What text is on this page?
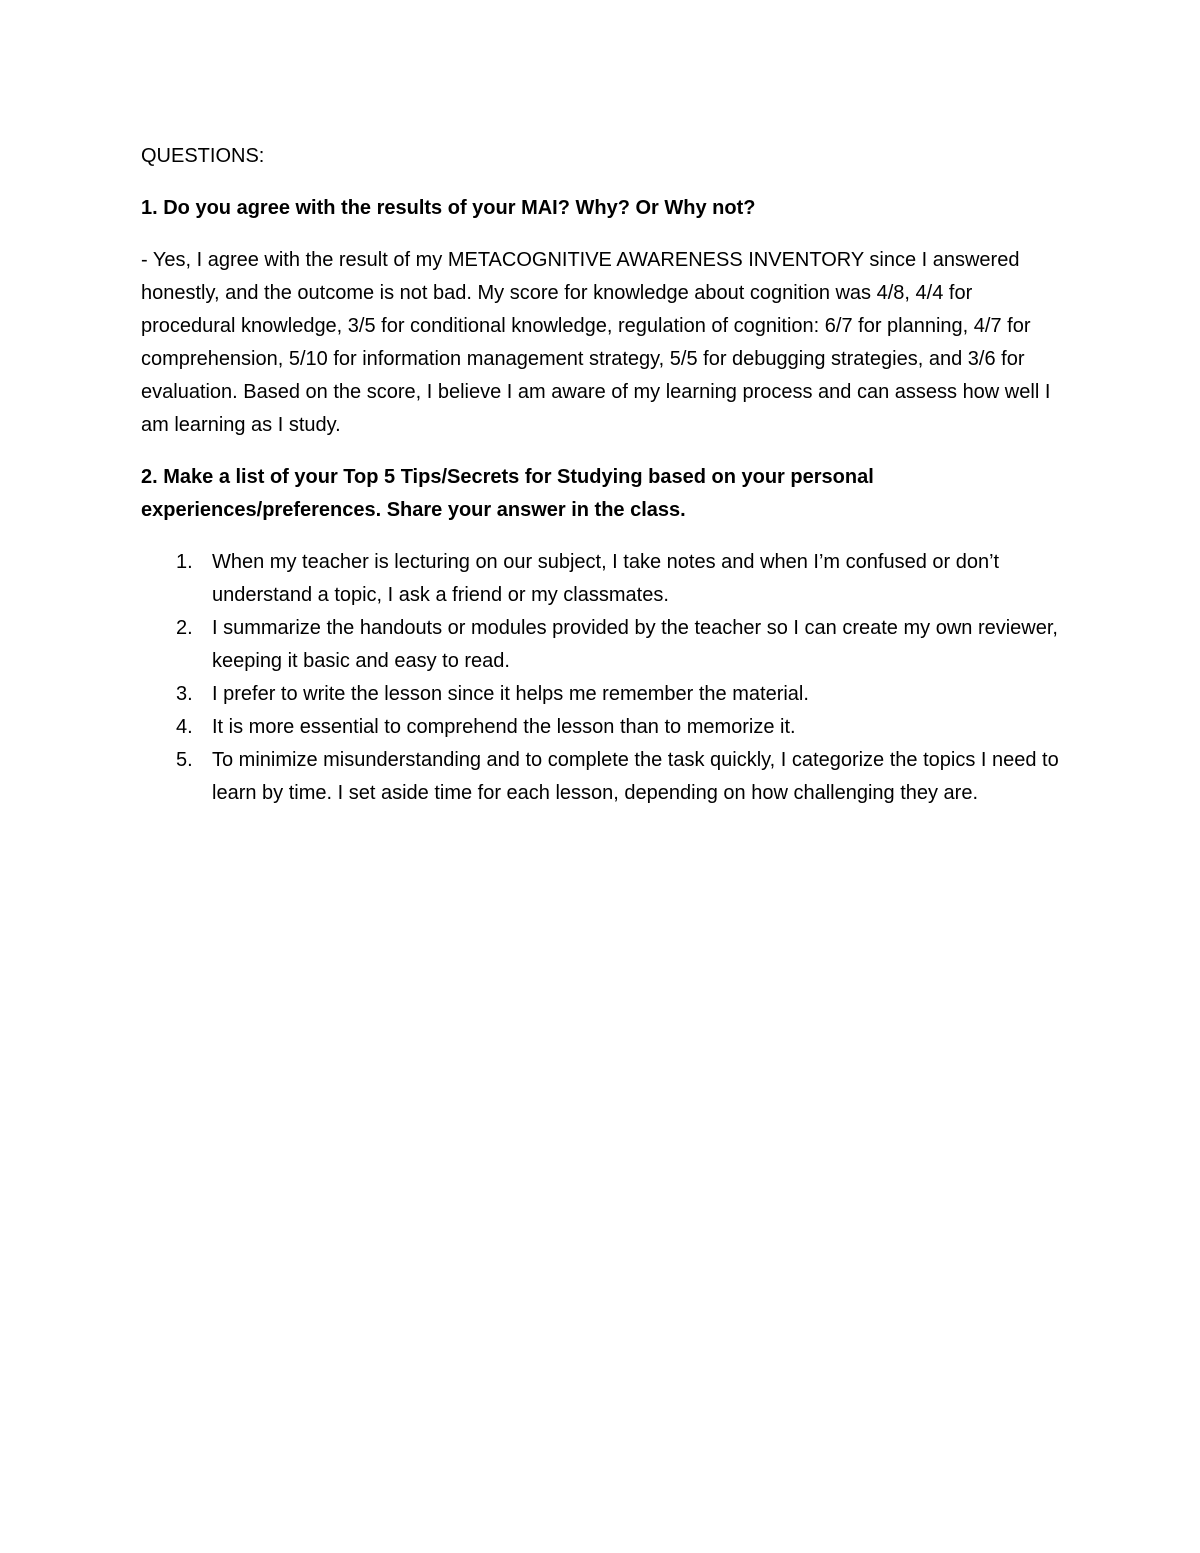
QUESTIONS:

1. Do you agree with the results of your MAI? Why? Or Why not?

- Yes, I agree with the result of my METACOGNITIVE AWARENESS INVENTORY since I answered honestly, and the outcome is not bad. My score for knowledge about cognition was 4/8, 4/4 for procedural knowledge, 3/5 for conditional knowledge, regulation of cognition: 6/7 for planning, 4/7 for comprehension, 5/10 for information management strategy, 5/5 for debugging strategies, and 3/6 for evaluation. Based on the score, I believe I am aware of my learning process and can assess how well I am learning as I study.

2. Make a list of your Top 5 Tips/Secrets for Studying based on your personal experiences/preferences. Share your answer in the class.

1. When my teacher is lecturing on our subject, I take notes and when I’m confused or don’t understand a topic, I ask a friend or my classmates.
2. I summarize the handouts or modules provided by the teacher so I can create my own reviewer, keeping it basic and easy to read.
3. I prefer to write the lesson since it helps me remember the material.
4. It is more essential to comprehend the lesson than to memorize it.
5. To minimize misunderstanding and to complete the task quickly, I categorize the topics I need to learn by time. I set aside time for each lesson, depending on how challenging they are.
